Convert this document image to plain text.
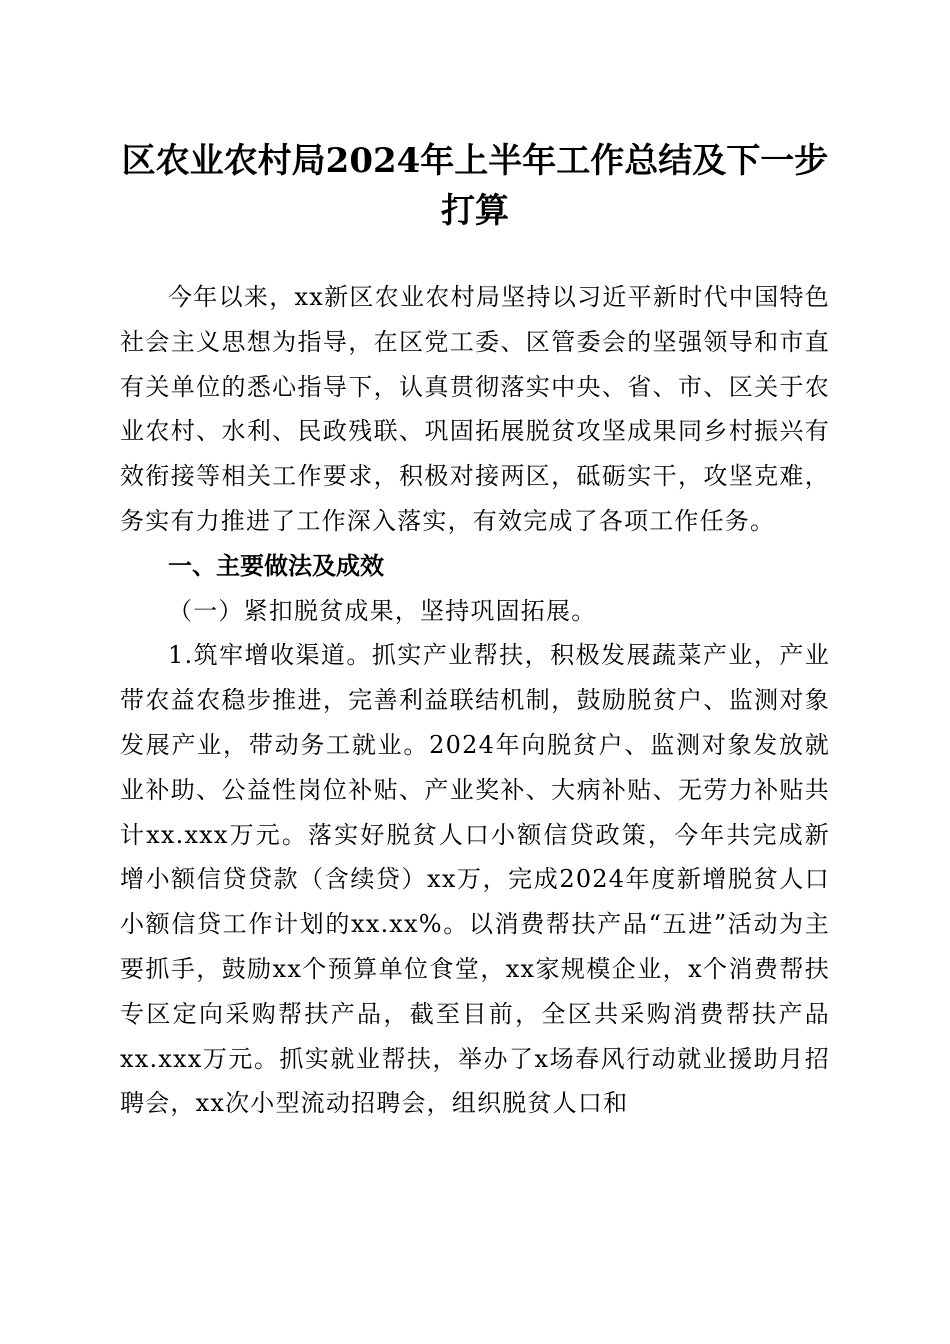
区农业农村局2024年上半年工作总结及下一步打算

今年以来，xx新区农业农村局坚持以习近平新时代中国特色社会主义思想为指导，在区党工委、区管委会的坚强领导和市直有关单位的悉心指导下，认真贯彻落实中央、省、市、区关于农业农村、水利、民政残联、巩固拓展脱贫攻坚成果同乡村振兴有效衔接等相关工作要求，积极对接两区，砥砺实干，攻坚克难，务实有力推进了工作深入落实，有效完成了各项工作任务。

一、主要做法及成效
（一）紧扣脱贫成果，坚持巩固拓展。

1.筑牢增收渠道。抓实产业帮扶，积极发展蔬菜产业，产业带农益农稳步推进，完善利益联结机制，鼓励脱贫户、监测对象发展产业，带动务工就业。2024年向脱贫户、监测对象发放就业补助、公益性岗位补贴、产业奖补、大病补贴、无劳力补贴共计xx.xxx万元。落实好脱贫人口小额信贷政策，今年共完成新增小额信贷贷款（含续贷）xx万，完成2024年度新增脱贫人口小额信贷工作计划的xx.xx%。以消费帮扶产品“五进”活动为主要抓手，鼓励xx个预算单位食堂，xx家规模企业，x个消费帮扶专区定向采购帮扶产品，截至目前，全区共采购消费帮扶产品xx.xxx万元。抓实就业帮扶，举办了x场春风行动就业援助月招聘会，xx次小型流动招聘会，组织脱贫人口和
